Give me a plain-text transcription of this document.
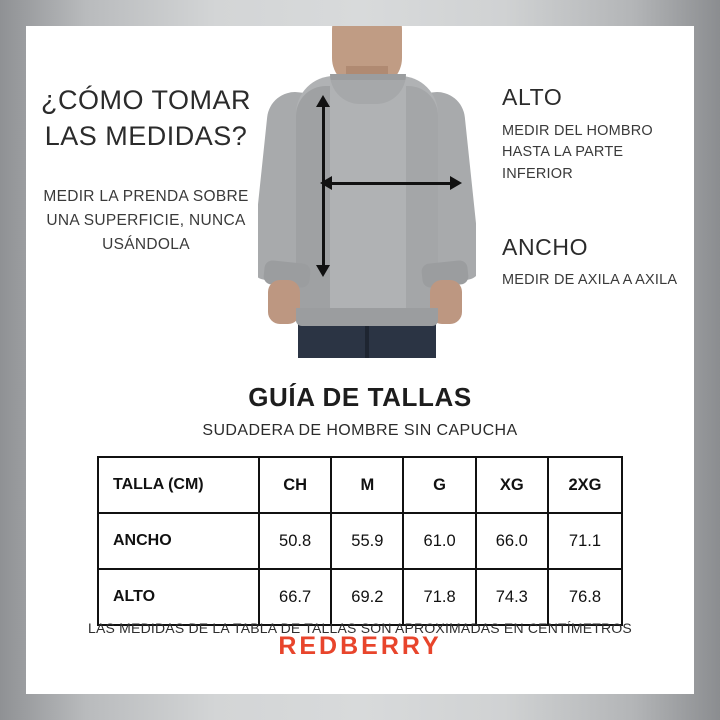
¿CÓMO TOMAR
LAS MEDIDAS?
MEDIR LA PRENDA SOBRE UNA SUPERFICIE, NUNCA USÁNDOLA
ALTO
MEDIR DEL HOMBRO HASTA LA PARTE INFERIOR
ANCHO
MEDIR DE AXILA A AXILA
GUÍA DE TALLAS
SUDADERA DE HOMBRE SIN CAPUCHA
TALLA (CM)	CH	M	G	XG	2XG
ANCHO	50.8	55.9	61.0	66.0	71.1
ALTO	66.7	69.2	71.8	74.3	76.8
LAS MEDIDAS DE LA TABLA DE TALLAS SON APROXIMADAS EN CENTÍMETROS
REDBERRY
